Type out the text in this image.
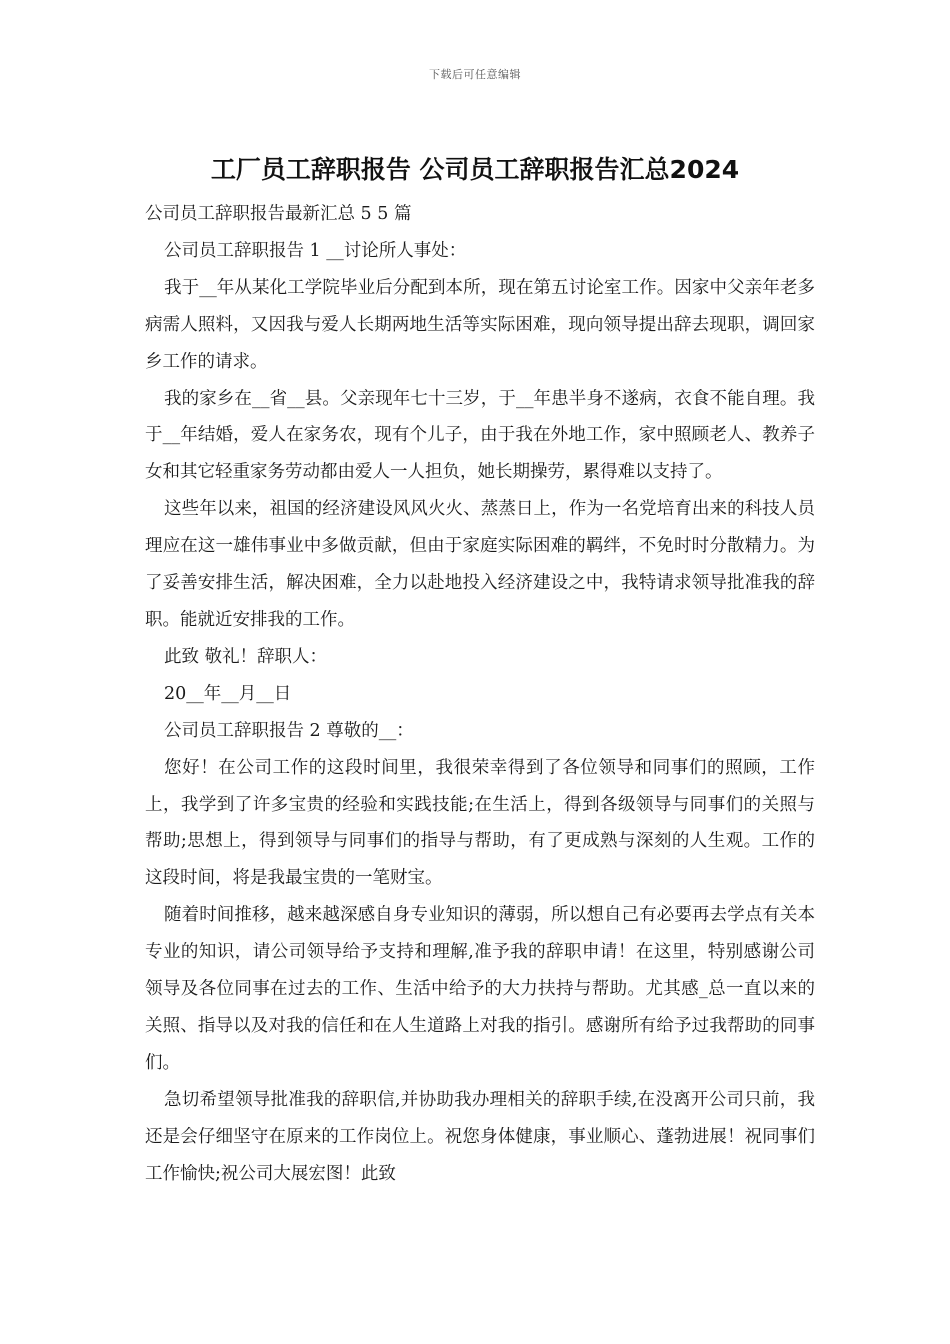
下载后可任意编辑
工厂员工辞职报告 公司员工辞职报告汇总2024

公司员工辞职报告最新汇总 5 5 篇

公司员工辞职报告 1 __讨论所人事处：

我于__年从某化工学院毕业后分配到本所，现在第五讨论室工作。因家中父亲年老多病需人照料，又因我与爱人长期两地生活等实际困难，现向领导提出辞去现职，调回家乡工作的请求。

我的家乡在__省__县。父亲现年七十三岁，于__年患半身不遂病，衣食不能自理。我于__年结婚，爱人在家务农，现有个儿子，由于我在外地工作，家中照顾老人、教养子女和其它轻重家务劳动都由爱人一人担负，她长期操劳，累得难以支持了。

这些年以来，祖国的经济建设风风火火、蒸蒸日上，作为一名党培育出来的科技人员理应在这一雄伟事业中多做贡献，但由于家庭实际困难的羁绊，不免时时分散精力。为了妥善安排生活，解决困难，全力以赴地投入经济建设之中，我特请求领导批准我的辞职。能就近安排我的工作。

此致 敬礼！辞职人：

20__年__月__日

公司员工辞职报告 2 尊敬的__：

您好！在公司工作的这段时间里，我很荣幸得到了各位领导和同事们的照顾，工作上，我学到了许多宝贵的经验和实践技能;在生活上，得到各级领导与同事们的关照与帮助;思想上，得到领导与同事们的指导与帮助，有了更成熟与深刻的人生观。工作的这段时间，将是我最宝贵的一笔财宝。

随着时间推移，越来越深感自身专业知识的薄弱，所以想自己有必要再去学点有关本专业的知识，请公司领导给予支持和理解,准予我的辞职申请！在这里，特别感谢公司领导及各位同事在过去的工作、生活中给予的大力扶持与帮助。尤其感_总一直以来的关照、指导以及对我的信任和在人生道路上对我的指引。感谢所有给予过我帮助的同事们。

急切希望领导批准我的辞职信,并协助我办理相关的辞职手续,在没离开公司只前，我还是会仔细坚守在原来的工作岗位上。祝您身体健康，事业顺心、蓬勃进展！祝同事们工作愉快;祝公司大展宏图！此致
